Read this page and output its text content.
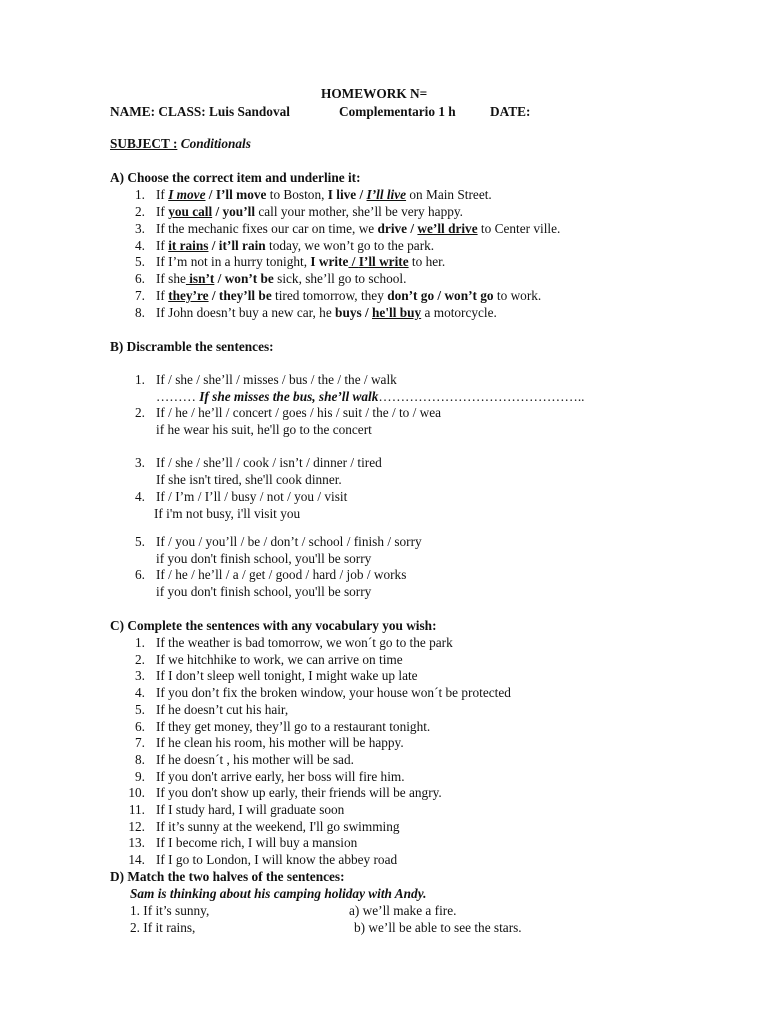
HOMEWORK N=
NAME: CLASS: Luis Sandoval	Complementario 1 h	DATE:
SUBJECT : Conditionals
A) Choose the correct item and underline it:
1. If I move / I’ll move to Boston, I live / I’ll live on Main Street.
2. If you call / you’ll call your mother, she’ll be very happy.
3. If the mechanic fixes our car on time, we drive / we’ll drive to Center ville.
4. If it rains / it’ll rain today, we won’t go to the park.
5. If I’m not in a hurry tonight, I write / I’ll write to her.
6. If she isn’t / won’t be sick, she’ll go to school.
7. If they’re / they’ll be tired tomorrow, they don’t go / won’t go to work.
8. If John doesn’t buy a new car, he buys / he'll buy a motorcycle.
B) Discramble the sentences:
1. If / she / she’ll / misses / bus / the / the / walk
……… If she misses the bus, she’ll walk………………………………………..
2. If / he / he’ll / concert / goes / his / suit / the / to / wea
if he wear his suit, he'll go to the concert
3. If / she / she’ll / cook / isn’t / dinner / tired
If she isn't tired, she'll cook dinner.
4. If / I’m / I’ll / busy / not / you / visit
If i'm not busy, i'll visit you
5. If / you / you’ll / be / don’t / school / finish / sorry
if you don't finish school, you'll be sorry
6. If / he / he’ll / a / get / good / hard / job / works
if you don't finish school, you'll be sorry
C) Complete the sentences with any vocabulary you wish:
1. If the weather is bad tomorrow, we won´t go to the park
2. If we hitchhike to work, we can arrive on time
3. If I don’t sleep well tonight, I might wake up late
4. If you don’t fix the broken window, your house won´t be protected
5. If he doesn’t cut his hair,
6. If they get money, they’ll go to a restaurant tonight.
7. If he clean his room, his mother will be happy.
8. If he doesn´t , his mother will be sad.
9. If you don't arrive early, her boss will fire him.
10. If you don't show up early, their friends will be angry.
11. If I study hard, I will graduate soon
12. If it’s sunny at the weekend, I'll go swimming
13. If I become rich, I will buy a mansion
14. If I go to London, I will know the abbey road
D) Match the two halves of the sentences:
Sam is thinking about his camping holiday with Andy.
1. If it’s sunny,	a) we’ll make a fire.
2. If it rains,	b) we’ll be able to see the stars.
